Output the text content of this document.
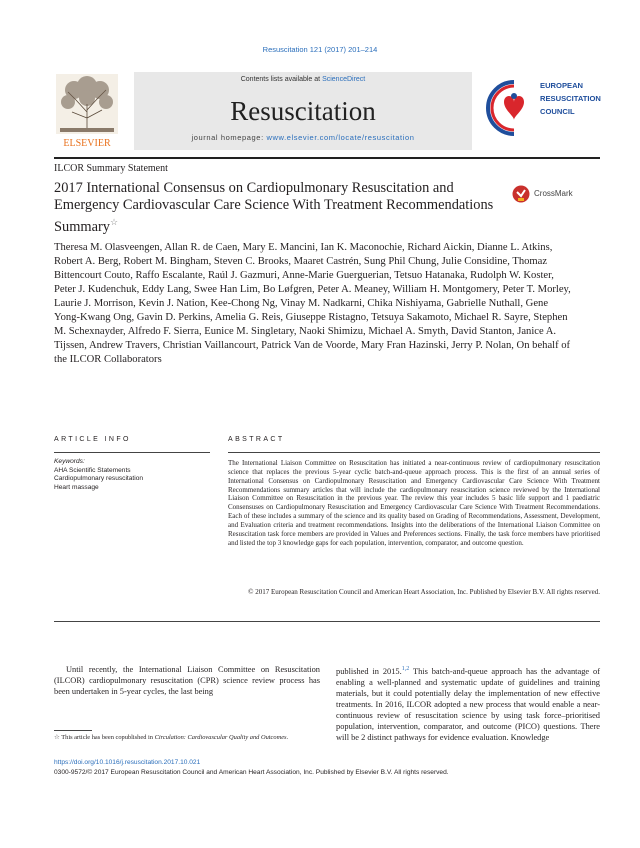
Resuscitation 121 (2017) 201–214
ELSEVIER
Contents lists available at ScienceDirect
Resuscitation
journal homepage: www.elsevier.com/locate/resuscitation
EUROPEAN
RESUSCITATION
COUNCIL
ILCOR Summary Statement
2017 International Consensus on Cardiopulmonary Resuscitation and Emergency Cardiovascular Care Science With Treatment Recommendations Summary☆
CrossMark
Theresa M. Olasveengen, Allan R. de Caen, Mary E. Mancini, Ian K. Maconochie, Richard Aickin, Dianne L. Atkins, Robert A. Berg, Robert M. Bingham, Steven C. Brooks, Maaret Castrén, Sung Phil Chung, Julie Considine, Thomaz Bittencourt Couto, Raffo Escalante, Raúl J. Gazmuri, Anne-Marie Guerguerian, Tetsuo Hatanaka, Rudolph W. Koster, Peter J. Kudenchuk, Eddy Lang, Swee Han Lim, Bo Løfgren, Peter A. Meaney, William H. Montgomery, Peter T. Morley, Laurie J. Morrison, Kevin J. Nation, Kee-Chong Ng, Vinay M. Nadkarni, Chika Nishiyama, Gabrielle Nuthall, Gene Yong-Kwang Ong, Gavin D. Perkins, Amelia G. Reis, Giuseppe Ristagno, Tetsuya Sakamoto, Michael R. Sayre, Stephen M. Schexnayder, Alfredo F. Sierra, Eunice M. Singletary, Naoki Shimizu, Michael A. Smyth, David Stanton, Janice A. Tijssen, Andrew Travers, Christian Vaillancourt, Patrick Van de Voorde, Mary Fran Hazinski, Jerry P. Nolan, On behalf of the ILCOR Collaborators
ARTICLE INFO	ABSTRACT
Keywords:
AHA Scientific Statements
Cardiopulmonary resuscitation
Heart massage
The International Liaison Committee on Resuscitation has initiated a near-continuous review of cardiopulmonary resuscitation science that replaces the previous 5-year cyclic batch-and-queue approach process. This is the first of an annual series of International Consensus on Cardiopulmonary Resuscitation and Emergency Cardiovascular Care Science With Treatment Recommendations summary articles that will include the cardiopulmonary resuscitation science reviewed by the International Liaison Committee on Resuscitation in the previous year. The review this year includes 5 basic life support and 1 paediatric Consensuses on Cardiopulmonary Resuscitation and Emergency Cardiovascular Care Science With Treatment Recommendations. Each of these includes a summary of the science and its quality based on Grading of Recommendations, Assessment, Development, and Evaluation criteria and treatment recommendations. Insights into the deliberations of the International Liaison Committee on Resuscitation task force members are provided in Values and Preferences sections. Finally, the task force members have prioritised and listed the top 3 knowledge gaps for each population, intervention, comparator, and outcome question.
© 2017 European Resuscitation Council and American Heart Association, Inc. Published by Elsevier B.V. All rights reserved.
Until recently, the International Liaison Committee on Resuscitation (ILCOR) cardiopulmonary resuscitation (CPR) science review process has been undertaken in 5-year cycles, the last being
published in 2015.$^{1,2}$ This batch-and-queue approach has the advantage of enabling a well-planned and systematic update of guidelines and training materials, but it could potentially delay the implementation of new effective treatments. In 2016, ILCOR adopted a new process that would enable a near-continuous review of resuscitation science by using task force–prioritised population, intervention, comparator, and outcome (PICO) questions. There will be 2 distinct pathways for evidence evaluation. Knowledge
☆ This article has been copublished in Circulation: Cardiovascular Quality and Outcomes.
https://doi.org/10.1016/j.resuscitation.2017.10.021
0300-9572/© 2017 European Resuscitation Council and American Heart Association, Inc. Published by Elsevier B.V. All rights reserved.
